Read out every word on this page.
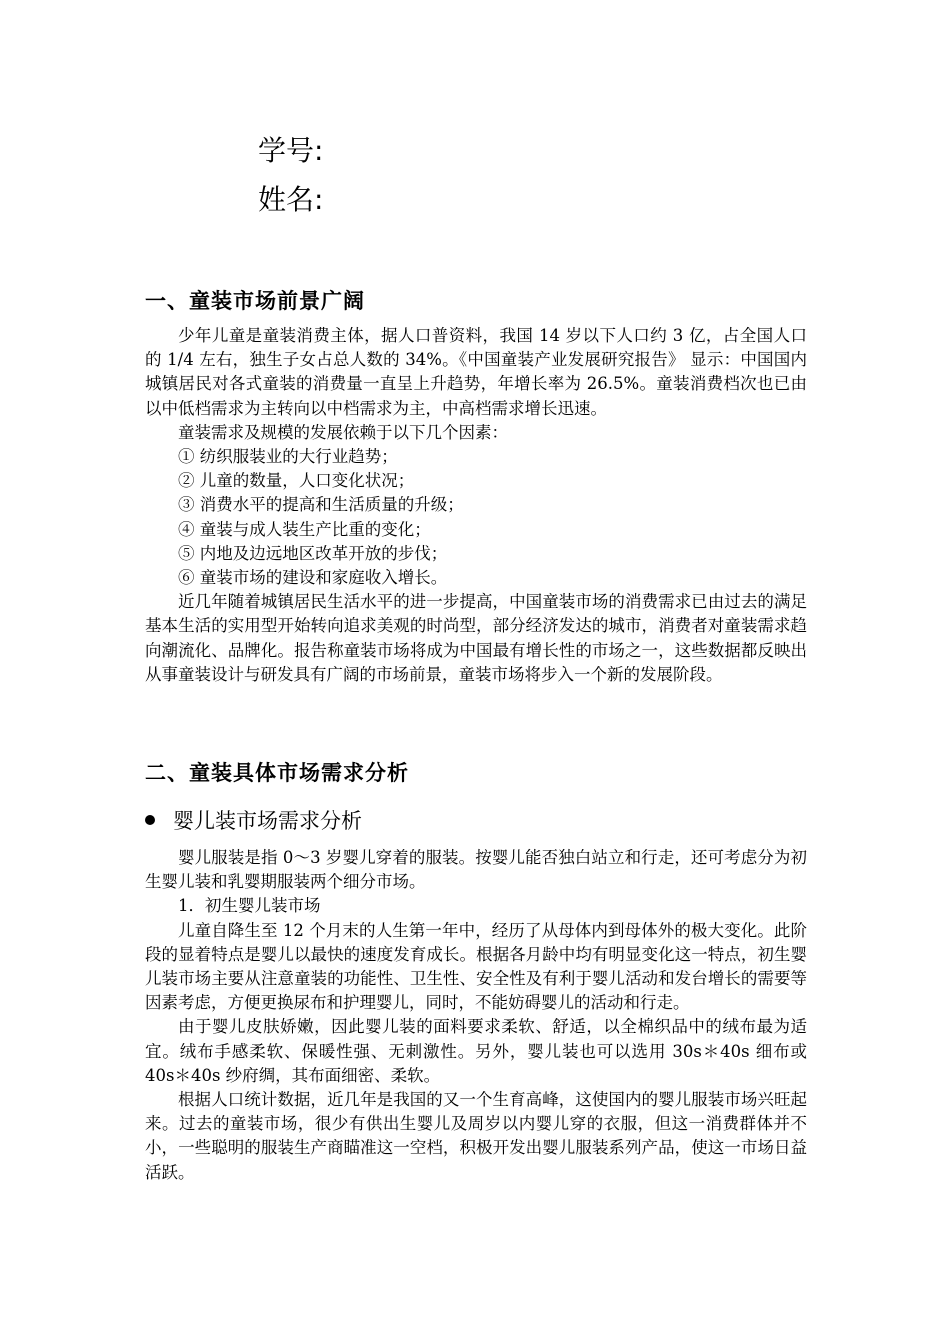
学号:
姓名:
一、童装市场前景广阔

少年儿童是童装消费主体，据人口普资料，我国 14 岁以下人口约 3 亿，占全国人口的 1/4 左右，独生子女占总人数的 34%。《中国童装产业发展研究报告》 显示：中国国内城镇居民对各式童装的消费量一直呈上升趋势，年增长率为 26.5%。童装消费档次也已由以中低档需求为主转向以中档需求为主，中高档需求增长迅速。

童装需求及规模的发展依赖于以下几个因素：

① 纺织服装业的大行业趋势；

② 儿童的数量，人口变化状况；

③ 消费水平的提高和生活质量的升级；

④ 童装与成人装生产比重的变化；

⑤ 内地及边远地区改革开放的步伐；

⑥ 童装市场的建设和家庭收入增长。

近几年随着城镇居民生活水平的进一步提高，中国童装市场的消费需求已由过去的满足基本生活的实用型开始转向追求美观的时尚型，部分经济发达的城市，消费者对童装需求趋向潮流化、品牌化。报告称童装市场将成为中国最有增长性的市场之一，这些数据都反映出从事童装设计与研发具有广阔的市场前景，童装市场将步入一个新的发展阶段。

二、童装具体市场需求分析
婴儿装市场需求分析

婴儿服装是指 0～3 岁婴儿穿着的服装。按婴儿能否独白站立和行走，还可考虑分为初生婴儿装和乳婴期服装两个细分市场。

1．初生婴儿装市场

儿童自降生至 12 个月末的人生第一年中，经历了从母体内到母体外的极大变化。此阶段的显着特点是婴儿以最快的速度发育成长。根据各月龄中均有明显变化这一特点，初生婴儿装市场主要从注意童装的功能性、卫生性、安全性及有利于婴儿活动和发台增长的需要等因素考虑，方便更换尿布和护理婴儿，同时，不能妨碍婴儿的活动和行走。

由于婴儿皮肤娇嫩，因此婴儿装的面料要求柔软、舒适，以全棉织品中的绒布最为适宜。绒布手感柔软、保暖性强、无刺激性。另外，婴儿装也可以选用 30s＊40s 细布或 40s＊40s 纱府绸，其布面细密、柔软。

根据人口统计数据，近几年是我国的又一个生育高峰，这使国内的婴儿服装市场兴旺起来。过去的童装市场，很少有供出生婴儿及周岁以内婴儿穿的衣服，但这一消费群体并不小，一些聪明的服装生产商瞄准这一空档，积极开发出婴儿服装系列产品，使这一市场日益活跃。
